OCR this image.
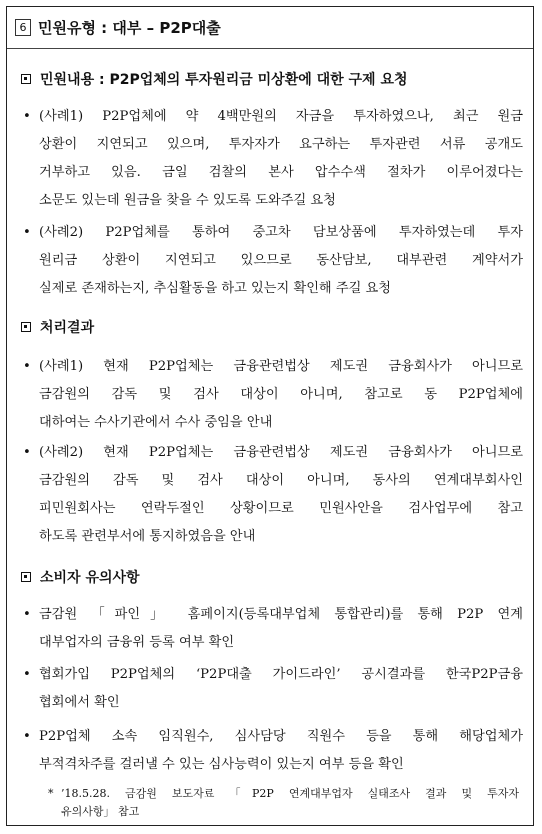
6 민원유형 : 대부 – P2P대출
민원내용 : P2P업체의 투자원리금 미상환에 대한 구제 요청
• (사례1) P2P업체에 약 4백만원의 자금을 투자하였으나, 최근 원금
상환이 지연되고 있으며, 투자자가 요구하는 투자관련 서류 공개도
거부하고 있음. 금일 검찰의 본사 압수수색 절차가 이루어졌다는
소문도 있는데 원금을 찾을 수 있도록 도와주길 요청
• (사례2) P2P업체를 통하여 중고차 담보상품에 투자하였는데 투자
원리금 상환이 지연되고 있으므로 동산담보, 대부관련 계약서가
실제로 존재하는지, 추심활동을 하고 있는지 확인해 주길 요청
처리결과
• (사례1) 현재 P2P업체는 금융관련법상 제도권 금융회사가 아니므로
금감원의 감독 및 검사 대상이 아니며, 참고로 동 P2P업체에
대하여는 수사기관에서 수사 중임을 안내
• (사례2) 현재 P2P업체는 금융관련법상 제도권 금융회사가 아니므로
금감원의 감독 및 검사 대상이 아니며, 동사의 연계대부회사인
피민원회사는 연락두절인 상황이므로 민원사안을 검사업무에 참고
하도록 관련부서에 통지하였음을 안내
소비자 유의사항
• 금감원 「파인」 홈페이지(등록대부업체 통합관리)를 통해 P2P 연계
대부업자의 금융위 등록 여부 확인
• 협회가입 P2P업체의 ‘P2P대출 가이드라인’ 공시결과를 한국P2P금융
협회에서 확인
• P2P업체 소속 임직원수, 심사담당 직원수 등을 통해 해당업체가
부적격차주를 걸러낼 수 있는 심사능력이 있는지 여부 등을 확인
* ’18.5.28. 금감원 보도자료 「P2P 연계대부업자 실태조사 결과 및 투자자
유의사항」 참고
